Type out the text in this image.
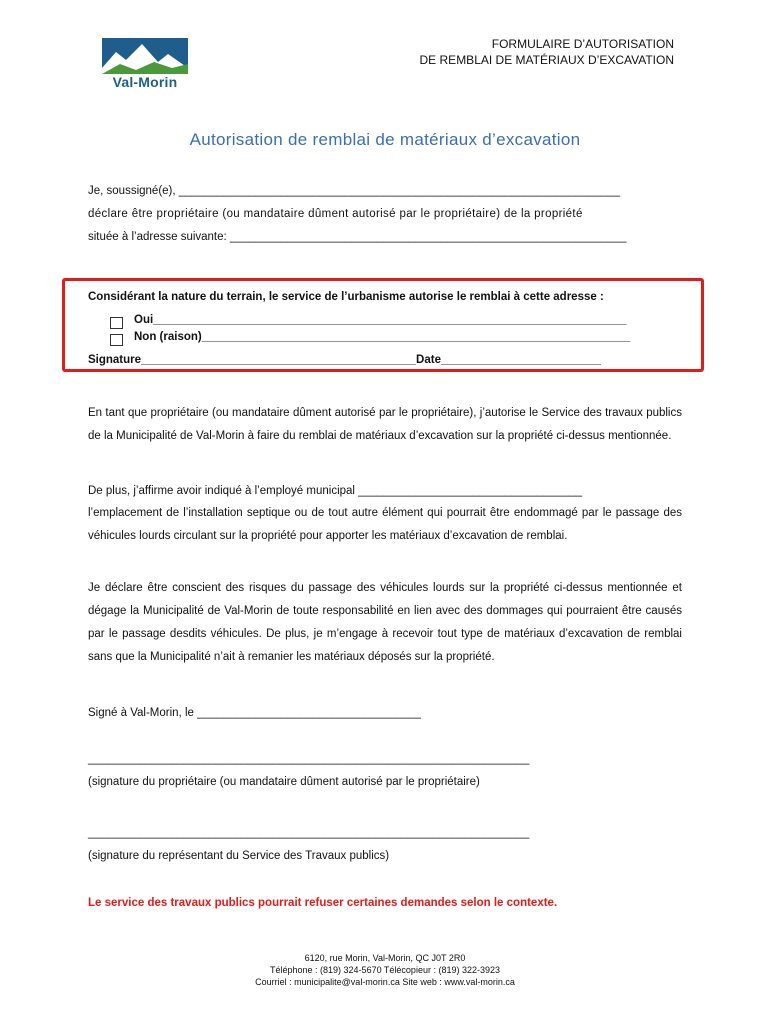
Val-Morin
FORMULAIRE D’AUTORISATION
DE REMBLAI DE MATÉRIAUX D’EXCAVATION
Autorisation de remblai de matériaux d’excavation
Je, soussigné(e), _____________________________________________________________________
déclare être propriétaire (ou mandataire dûment autorisé par le propriétaire) de la propriété
située à l’adresse suivante: ______________________________________________________________
Considérant la nature du terrain, le service de l’urbanisme autorise le remblai à cette adresse :
Oui__________________________________________________________________________
Non (raison)___________________________________________________________________
Signature___________________________________________Date_________________________
En tant que propriétaire (ou mandataire dûment autorisé par le propriétaire), j’autorise le Service des travaux publics de la Municipalité de Val-Morin à faire du remblai de matériaux d’excavation sur la propriété ci-dessus mentionnée.
De plus, j’affirme avoir indiqué à l’employé municipal ___________________________________
l’emplacement de l’installation septique ou de tout autre élément qui pourrait être endommagé par le passage des véhicules lourds circulant sur la propriété pour apporter les matériaux d’excavation de remblai.
Je déclare être conscient des risques du passage des véhicules lourds sur la propriété ci-dessus mentionnée et dégage la Municipalité de Val-Morin de toute responsabilité en lien avec des dommages qui pourraient être causés par le passage desdits véhicules. De plus, je m’engage à recevoir tout type de matériaux d’excavation de remblai sans que la Municipalité n’ait à remanier les matériaux déposés sur la propriété.
Signé à Val-Morin, le ___________________________________
_____________________________________________________________________
(signature du propriétaire (ou mandataire dûment autorisé par le propriétaire)
_____________________________________________________________________
(signature du représentant du Service des Travaux publics)
Le service des travaux publics pourrait refuser certaines demandes selon le contexte.
6120, rue Morin, Val-Morin, QC J0T 2R0
Téléphone : (819) 324-5670 Télécopieur : (819) 322-3923
Courriel : municipalite@val-morin.ca Site web : www.val-morin.ca
